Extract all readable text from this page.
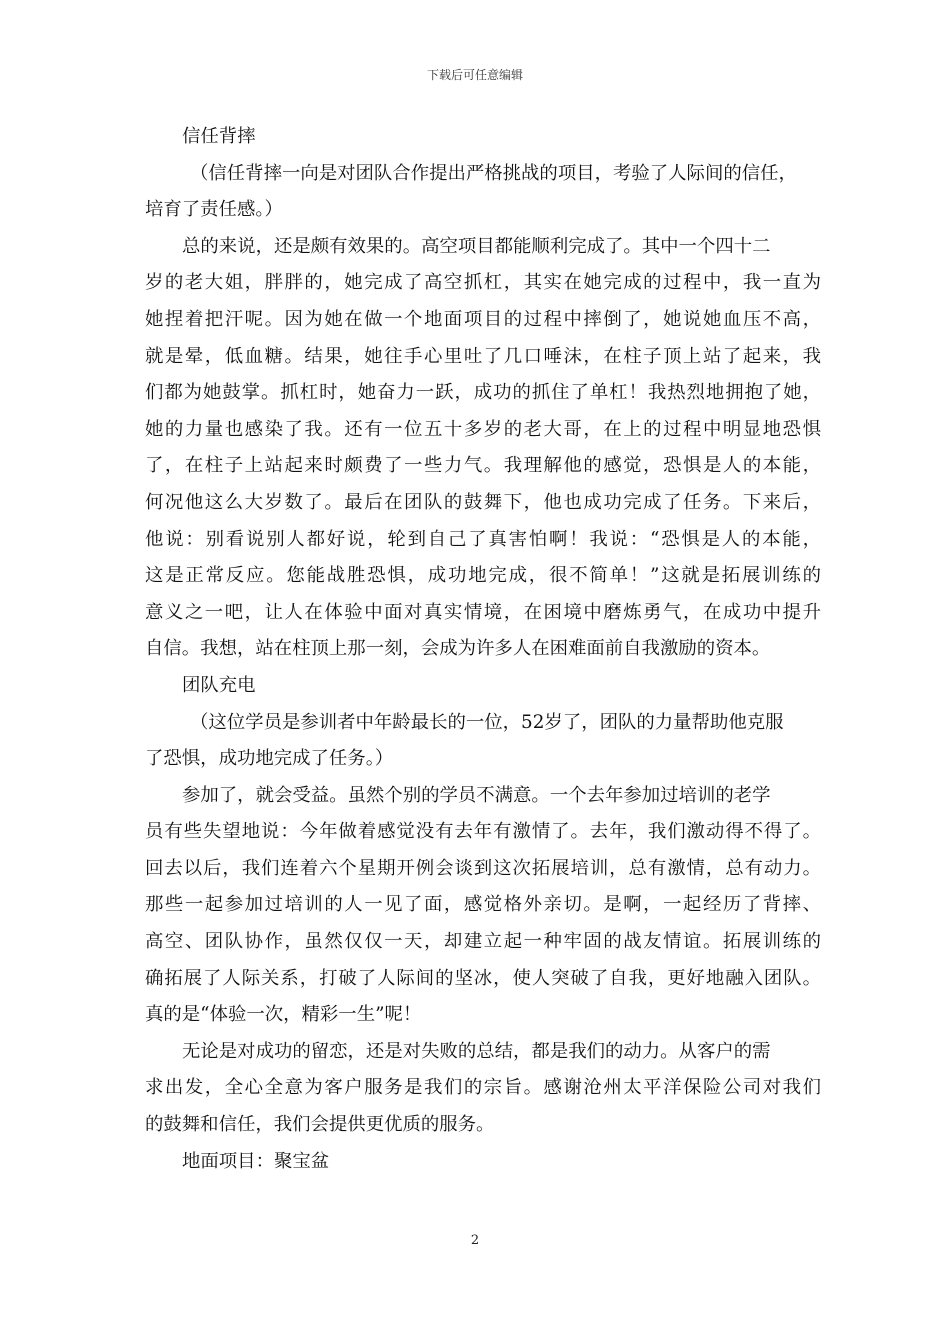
下载后可任意编辑
信任背摔
（信任背摔一向是对团队合作提出严格挑战的项目，考验了人际间的信任，
培育了责任感。）
总的来说，还是颇有效果的。高空项目都能顺利完成了。其中一个四十二
岁的老大姐，胖胖的，她完成了高空抓杠，其实在她完成的过程中，我一直为
她捏着把汗呢。因为她在做一个地面项目的过程中摔倒了，她说她血压不高，
就是晕，低血糖。结果，她往手心里吐了几口唾沫，在柱子顶上站了起来，我
们都为她鼓掌。抓杠时，她奋力一跃，成功的抓住了单杠！我热烈地拥抱了她，
她的力量也感染了我。还有一位五十多岁的老大哥，在上的过程中明显地恐惧
了，在柱子上站起来时颇费了一些力气。我理解他的感觉，恐惧是人的本能，
何况他这么大岁数了。最后在团队的鼓舞下，他也成功完成了任务。下来后，
他说：别看说别人都好说，轮到自己了真害怕啊！我说：“恐惧是人的本能，
这是正常反应。您能战胜恐惧，成功地完成，很不简单！”这就是拓展训练的
意义之一吧，让人在体验中面对真实情境，在困境中磨炼勇气，在成功中提升
自信。我想，站在柱顶上那一刻，会成为许多人在困难面前自我激励的资本。
团队充电
（这位学员是参训者中年龄最长的一位，52岁了，团队的力量帮助他克服
了恐惧，成功地完成了任务。）
参加了，就会受益。虽然个别的学员不满意。一个去年参加过培训的老学
员有些失望地说：今年做着感觉没有去年有激情了。去年，我们激动得不得了。
回去以后，我们连着六个星期开例会谈到这次拓展培训，总有激情，总有动力。
那些一起参加过培训的人一见了面，感觉格外亲切。是啊，一起经历了背摔、
高空、团队协作，虽然仅仅一天，却建立起一种牢固的战友情谊。拓展训练的
确拓展了人际关系，打破了人际间的坚冰，使人突破了自我，更好地融入团队。
真的是“体验一次，精彩一生”呢！
无论是对成功的留恋，还是对失败的总结，都是我们的动力。从客户的需
求出发，全心全意为客户服务是我们的宗旨。感谢沧州太平洋保险公司对我们
的鼓舞和信任，我们会提供更优质的服务。
地面项目：聚宝盆
2
